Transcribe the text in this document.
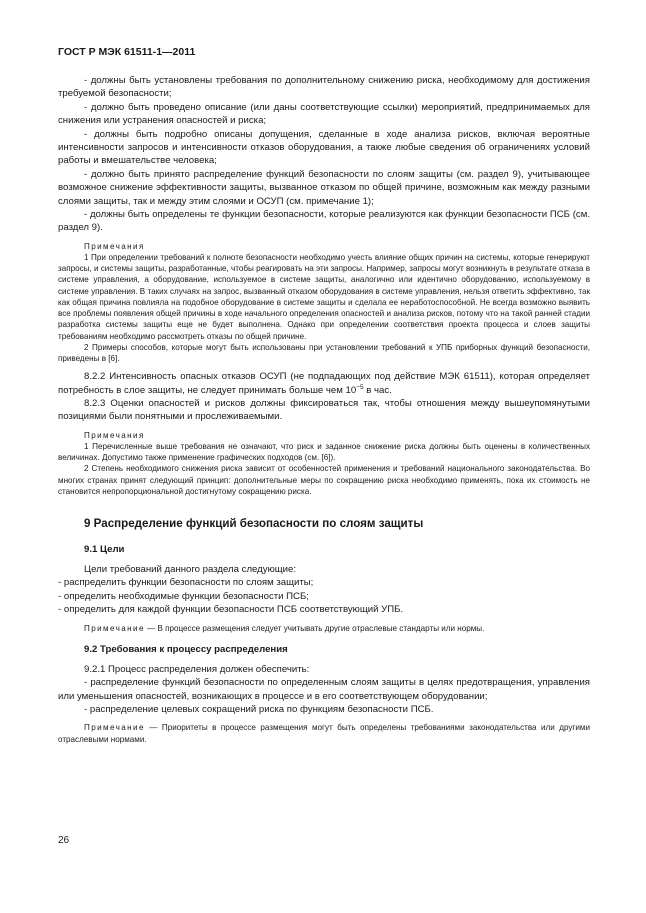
ГОСТ Р МЭК 61511-1—2011

- должны быть установлены требования по дополнительному снижению риска, необходимому для достижения требуемой безопасности;

- должно быть проведено описание (или даны соответствующие ссылки) мероприятий, предпринимаемых для снижения или устранения опасностей и риска;

- должны быть подробно описаны допущения, сделанные в ходе анализа рисков, включая вероятные интенсивности запросов и интенсивности отказов оборудования, а также любые сведения об ограничениях условий работы и вмешательстве человека;

- должно быть принято распределение функций безопасности по слоям защиты (см. раздел 9), учитывающее возможное снижение эффективности защиты, вызванное отказом по общей причине, возможным как между разными слоями защиты, так и между этим слоями и ОСУП (см. примечание 1);

- должны быть определены те функции безопасности, которые реализуются как функции безопасности ПСБ (см. раздел 9).

Примечания

1 При определении требований к полноте безопасности необходимо учесть влияние общих причин на системы, которые генерируют запросы, и системы защиты, разработанные, чтобы реагировать на эти запросы. Например, запросы могут возникнуть в результате отказа в системе управления, а оборудование, используемое в системе защиты, аналогично или идентично оборудованию, используемому в системе управления. В таких случаях на запрос, вызванный отказом оборудования в системе управления, нельзя ответить эффективно, так как общая причина повлияла на подобное оборудование в системе защиты и сделала ее неработоспособной. Не всегда возможно выявить все проблемы появления общей причины в ходе начального определения опасностей и анализа рисков, потому что на такой ранней стадии разработка системы защиты еще не будет выполнена. Однако при определении соответствия проекта процесса и слоев защиты требованиям необходимо рассмотреть отказы по общей причине.

2 Примеры способов, которые могут быть использованы при установлении требований к УПБ приборных функций безопасности, приведены в [6].

8.2.2 Интенсивность опасных отказов ОСУП (не подпадающих под действие МЭК 61511), которая определяет потребность в слое защиты, не следует принимать больше чем $10^{-5}$ в час.

8.2.3 Оценки опасностей и рисков должны фиксироваться так, чтобы отношения между вышеупомянутыми позициями были понятными и прослеживаемыми.

Примечания

1 Перечисленные выше требования не означают, что риск и заданное снижение риска должны быть оценены в количественных величинах. Допустимо также применение графических подходов (см. [6]).

2 Степень необходимого снижения риска зависит от особенностей применения и требований национального законодательства. Во многих странах принят следующий принцип: дополнительные меры по сокращению риска необходимо применять, пока их стоимость не становится непропорциональной достигнутому сокращению риска.

9 Распределение функций безопасности по слоям защиты
9.1 Цели

Цели требований данного раздела следующие:

- распределить функции безопасности по слоям защиты;

- определить необходимые функции безопасности ПСБ;

- определить для каждой функции безопасности ПСБ соответствующий УПБ.

Примечание — В процессе размещения следует учитывать другие отраслевые стандарты или нормы.

9.2 Требования к процессу распределения

9.2.1 Процесс распределения должен обеспечить:

- распределение функций безопасности по определенным слоям защиты в целях предотвращения, управления или уменьшения опасностей, возникающих в процессе и в его соответствующем оборудовании;

- распределение целевых сокращений риска по функциям безопасности ПСБ.

Примечание — Приоритеты в процессе размещения могут быть определены требованиями законодательства или другими отраслевыми нормами.

26
